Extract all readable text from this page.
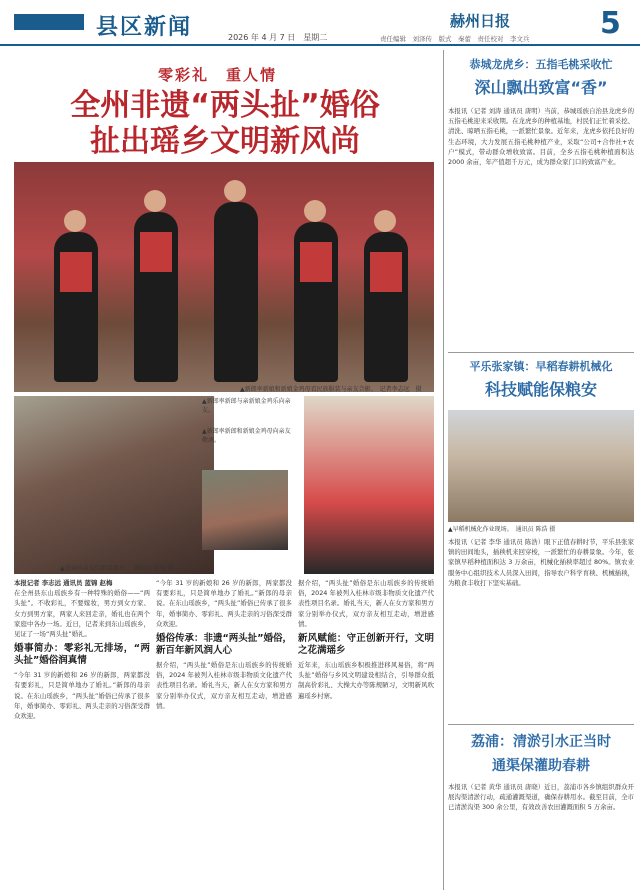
县区新闻	2026 年 4 月 7 日　星期二
赫州日报	5
责任编辑　刘泽传　版式　秦蕾　责任校对　李文兵
零彩礼　重人情
全州非遗“两头扯”婚俗
扯出瑶乡文明新风尚
▲新郎率新娘和新娘金鸡母看民族服装与亲友合影。　记者李志远　摄
▲新郎率新郎与亲新娘金鸡乐向亲友。
▲新郎率新郎和新娘金鸡母向亲友敬酒。
▲送亲的亲友们给看酒水。　通讯员 蓝锦 摄
本报记者 李志远 通讯员 蓝锦 赵梅
在全州县东山瑶族乡有一种特殊的婚俗——“两头扯”。不收彩礼，不要嫁妆，男方到女方家、女方到男方家，两家人来回走亲，婚礼也在两个家庭中各办一场。近日，记者来到东山瑶族乡，见证了一场“两头扯”婚礼。
婚事简办：零彩礼无排场，“两头扯”婚俗润真情
“今年 31 岁的新娘和 26 岁的新郎，两家都没有要彩礼，只是简单地办了婚礼。”新郎的母亲说。在东山瑶族乡，“两头扯”婚俗已传承了很多年，婚事简办、零彩礼、两头走亲的习俗深受群众欢迎。
“今年 31 岁的新娘和 26 岁的新郎，两家都没有要彩礼，只是简单地办了婚礼。”新郎的母亲说。在东山瑶族乡，“两头扯”婚俗已传承了很多年，婚事简办、零彩礼、两头走亲的习俗深受群众欢迎。
婚俗传承：非遗“两头扯”婚俗，新百年新风润人心
据介绍，“两头扯”婚俗是东山瑶族乡的传统婚俗，2024 年被列入桂林市级非物质文化遗产代表性项目名录。婚礼当天，新人在女方家和男方家分别举办仪式，双方亲友相互走动，增进感情。
据介绍，“两头扯”婚俗是东山瑶族乡的传统婚俗，2024 年被列入桂林市级非物质文化遗产代表性项目名录。婚礼当天，新人在女方家和男方家分别举办仪式，双方亲友相互走动，增进感情。
新风赋能：守正创新开行，文明之花满瑶乡
近年来，东山瑶族乡积极推进移风易俗，将“两头扯”婚俗与乡风文明建设相结合，引导群众抵制高价彩礼、大操大办等陈规陋习，文明新风吹遍瑶乡村寨。
恭城龙虎乡：五指毛桃采收忙
深山飘出致富“香”
本报讯（记者 刘涛 通讯员 唐明）当前，恭城瑶族自治县龙虎乡的五指毛桃迎来采收期。在龙虎乡的种植基地，村民们正忙着采挖、清洗、晾晒五指毛桃，一派繁忙景象。近年来，龙虎乡依托良好的生态环境，大力发展五指毛桃种植产业，采取“公司+合作社+农户”模式，带动群众增收致富。目前，全乡五指毛桃种植面积达 2000 余亩，年产值超千万元，成为群众家门口的致富产业。
平乐张家镇：早稻春耕机械化
科技赋能保粮安
▲早稻机械化作业现场。　通讯员 陈浩 摄
本报讯（记者 李华 通讯员 陈浩）眼下正值春耕时节，平乐县张家镇的田间地头，插秧机来回穿梭，一派繁忙的春耕景象。今年，张家镇早稻种植面积达 3 万余亩，机械化插秧率超过 80%。镇农业服务中心组织技术人员深入田间，指导农户科学育秧、机械插秧，为粮食丰收打下坚实基础。
荔浦：清淤引水正当时
通渠保灌助春耕
本报讯（记者 黄华 通讯员 唐晓）近日，荔浦市各乡镇组织群众开展沟渠清淤行动，疏通灌溉渠道，确保春耕用水。截至目前，全市已清淤沟渠 300 余公里，有效改善农田灌溉面积 5 万余亩。
